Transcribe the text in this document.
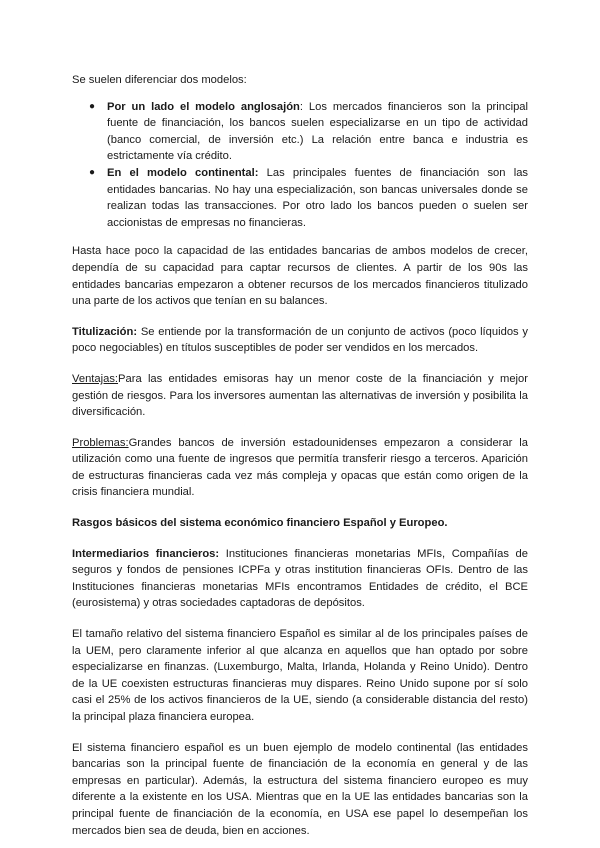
Se suelen diferenciar dos modelos:

● Por un lado el modelo anglosajón: Los mercados financieros son la principal fuente de financiación, los bancos suelen especializarse en un tipo de actividad (banco comercial, de inversión etc.) La relación entre banca e industria es estrictamente vía crédito.
● En el modelo continental: Las principales fuentes de financiación son las entidades bancarias. No hay una especialización, son bancas universales donde se realizan todas las transacciones. Por otro lado los bancos pueden o suelen ser accionistas de empresas no financieras.

Hasta hace poco la capacidad de las entidades bancarias de ambos modelos de crecer, dependía de su capacidad para captar recursos de clientes. A partir de los 90s las entidades bancarias empezaron a obtener recursos de los mercados financieros titulizado una parte de los activos que tenían en su balances.

Titulización: Se entiende por la transformación de un conjunto de activos (poco líquidos y poco negociables) en títulos susceptibles de poder ser vendidos en los mercados.

Ventajas:Para las entidades emisoras hay un menor coste de la financiación y mejor gestión de riesgos. Para los inversores aumentan las alternativas de inversión y posibilita la diversificación.

Problemas:Grandes bancos de inversión estadounidenses empezaron a considerar la utilización como una fuente de ingresos que permitía transferir riesgo a terceros. Aparición de estructuras financieras cada vez más compleja y opacas que están como origen de la crisis financiera mundial.

Rasgos básicos del sistema económico financiero Español y Europeo.

Intermediarios financieros: Instituciones financieras monetarias MFIs, Compañías de seguros y fondos de pensiones ICPFa y otras institution financieras OFIs. Dentro de las Instituciones financieras monetarias MFIs encontramos Entidades de crédito, el BCE (eurosistema) y otras sociedades captadoras de depósitos.

El tamaño relativo del sistema financiero Español es similar al de los principales países de la UEM, pero claramente inferior al que alcanza en aquellos que han optado por sobre especializarse en finanzas. (Luxemburgo, Malta, Irlanda, Holanda y Reino Unido). Dentro de la UE coexisten estructuras financieras muy dispares. Reino Unido supone por sí solo casi el 25% de los activos financieros de la UE, siendo (a considerable distancia del resto) la principal plaza financiera europea.

El sistema financiero español es un buen ejemplo de modelo continental (las entidades bancarias son la principal fuente de financiación de la economía en general y de las empresas en particular). Además, la estructura del sistema financiero europeo es muy diferente a la existente en los USA. Mientras que en la UE las entidades bancarias son la principal fuente de financiación de la economía, en USA ese papel lo desempeñan los mercados bien sea de deuda, bien en acciones.
